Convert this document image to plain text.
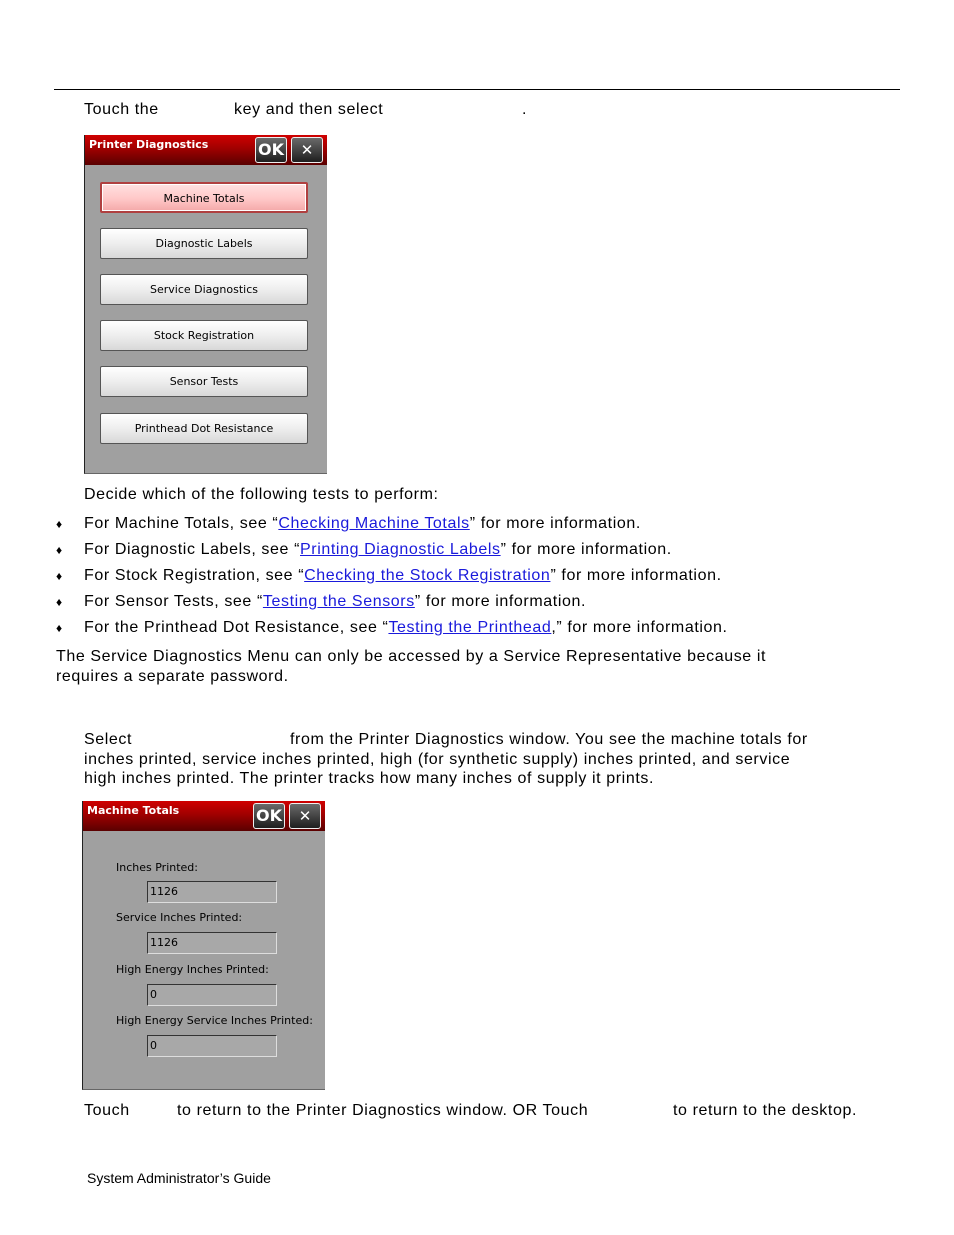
Touch the	key and then select	.
Printer Diagnostics	OK	✕
Machine Totals
Diagnostic Labels
Service Diagnostics
Stock Registration
Sensor Tests
Printhead Dot Resistance
Decide which of the following tests to perform:
♦ For Machine Totals, see “Checking Machine Totals” for more information.
♦ For Diagnostic Labels, see “Printing Diagnostic Labels” for more information.
♦ For Stock Registration, see “Checking the Stock Registration” for more information.
♦ For Sensor Tests, see “Testing the Sensors” for more information.
♦ For the Printhead Dot Resistance, see “Testing the Printhead,” for more information.
The Service Diagnostics Menu can only be accessed by a Service Representative because it
requires a separate password.
Select	from the Printer Diagnostics window. You see the machine totals for
inches printed, service inches printed, high (for synthetic supply) inches printed, and service
high inches printed. The printer tracks how many inches of supply it prints.
Machine Totals	OK	✕
Inches Printed:
1126
Service Inches Printed:
1126
High Energy Inches Printed:
0
High Energy Service Inches Printed:
0
Touch	to return to the Printer Diagnostics window. OR Touch	to return to the desktop.
System Administrator’s Guide
